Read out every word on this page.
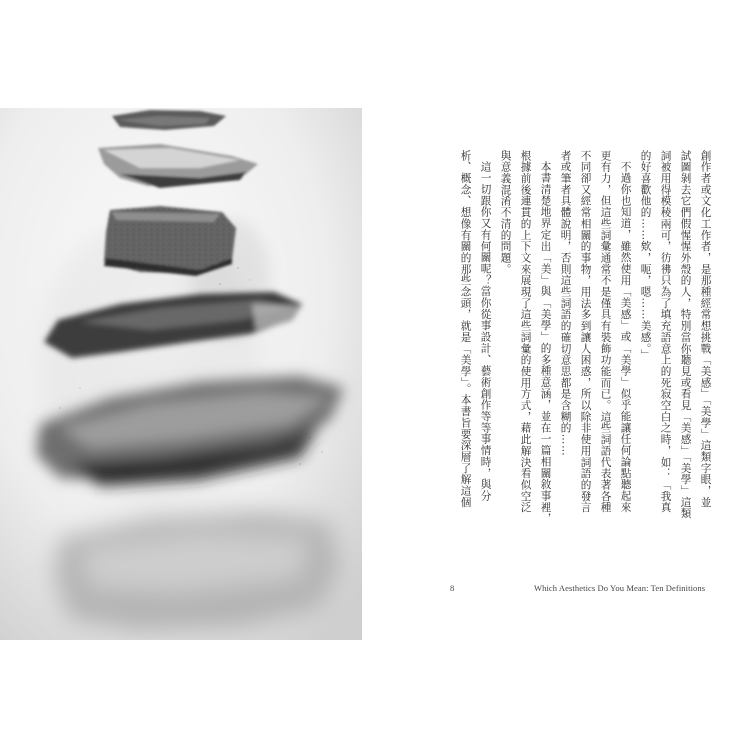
創作者或文化工作者，是那種經常想挑戰「美感」「美學」這類字眼，並
試圖剝去它們假惺惺外殼的人，特別當你聽見或看見「美感」「美學」這類
詞被用得模稜兩可，彷彿只為了填充語意上的死寂空白之時，如：「我真
的好喜歡他的……欸，呃，嗯……美感。」
不過你也知道，雖然使用「美感」或「美學」似乎能讓任何論點聽起來
更有力，但這些詞彙通常不是僅具有裝飾功能而已。這些詞語代表著各種
不同卻又經常相關的事物，用法多到讓人困惑，所以除非使用詞語的發言
者或筆者具體說明，否則這些詞語的確切意思都是含糊的……
本書清楚地界定出「美」與「美學」的多種意涵，並在一篇相關敘事裡，
根據前後連貫的上下文來展現了這些詞彙的使用方式，藉此解決看似空泛
與意義混淆不清的問題。
這一切跟你又有何關呢？當你從事設計、藝術創作等等事情時，與分
析、概念、想像有關的那些念頭，就是「美學」。本書旨要深層了解這個
8	Which Aesthetics Do You Mean: Ten Definitions
